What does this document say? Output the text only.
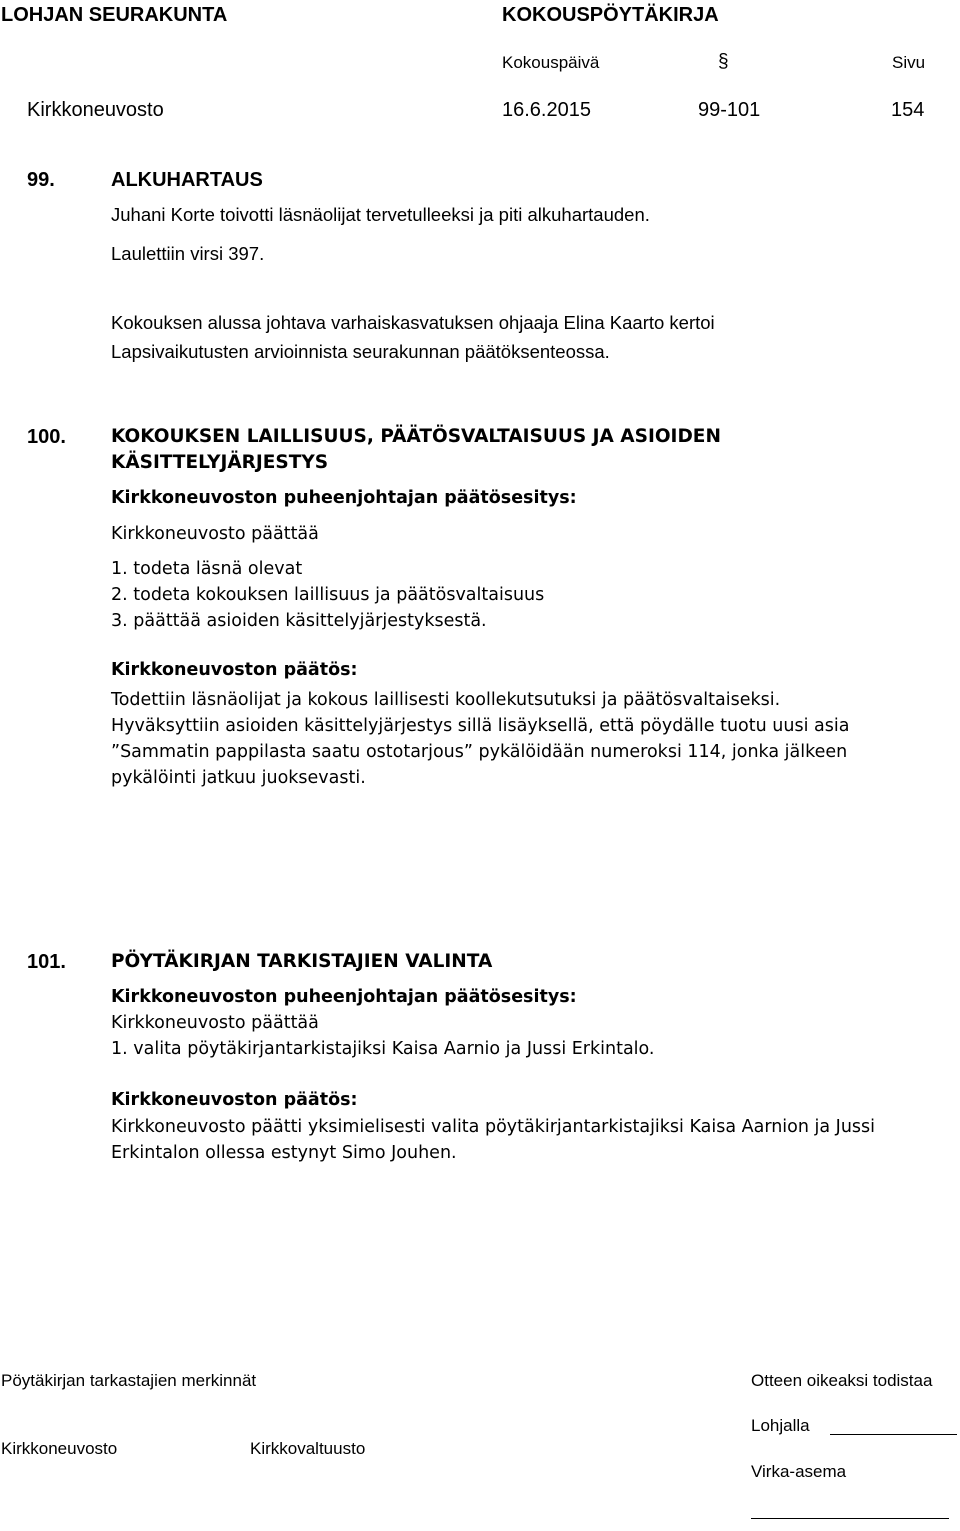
LOHJAN SEURAKUNTA	KOKOUSPÖYTÄKIRJA
Kokouspäivä	§	Sivu
Kirkkoneuvosto	16.6.2015	99-101	154
99.	ALKUHARTAUS
Juhani Korte toivotti läsnäolijat tervetulleeksi ja piti alkuhartauden.
Laulettiin virsi 397.
Kokouksen alussa johtava varhaiskasvatuksen ohjaaja Elina Kaarto kertoi
Lapsivaikutusten arvioinnista seurakunnan päätöksenteossa.
100. KOKOUKSEN LAILLISUUS, PÄÄTÖSVALTAISUUS JA ASIOIDEN
KÄSITTELYJÄRJESTYS
Kirkkoneuvoston puheenjohtajan päätösesitys:
Kirkkoneuvosto päättää
1. todeta läsnä olevat
2. todeta kokouksen laillisuus ja päätösvaltaisuus
3. päättää asioiden käsittelyjärjestyksestä.
Kirkkoneuvoston päätös:
Todettiin läsnäolijat ja kokous laillisesti koollekutsutuksi ja päätösvaltaiseksi.
Hyväksyttiin asioiden käsittelyjärjestys sillä lisäyksellä, että pöydälle tuotu uusi asia
”Sammatin pappilasta saatu ostotarjous” pykälöidään numeroksi 114, jonka jälkeen
pykälöinti jatkuu juoksevasti.
101. PÖYTÄKIRJAN TARKISTAJIEN VALINTA
Kirkkoneuvoston puheenjohtajan päätösesitys:
Kirkkoneuvosto päättää
1. valita pöytäkirjantarkistajiksi Kaisa Aarnio ja Jussi Erkintalo.
Kirkkoneuvoston päätös:
Kirkkoneuvosto päätti yksimielisesti valita pöytäkirjantarkistajiksi Kaisa Aarnion ja Jussi
Erkintalon ollessa estynyt Simo Jouhen.
Pöytäkirjan tarkastajien merkinnät	Otteen oikeaksi todistaa
Lohjalla
Kirkkoneuvosto	Kirkkovaltuusto
Virka-asema
